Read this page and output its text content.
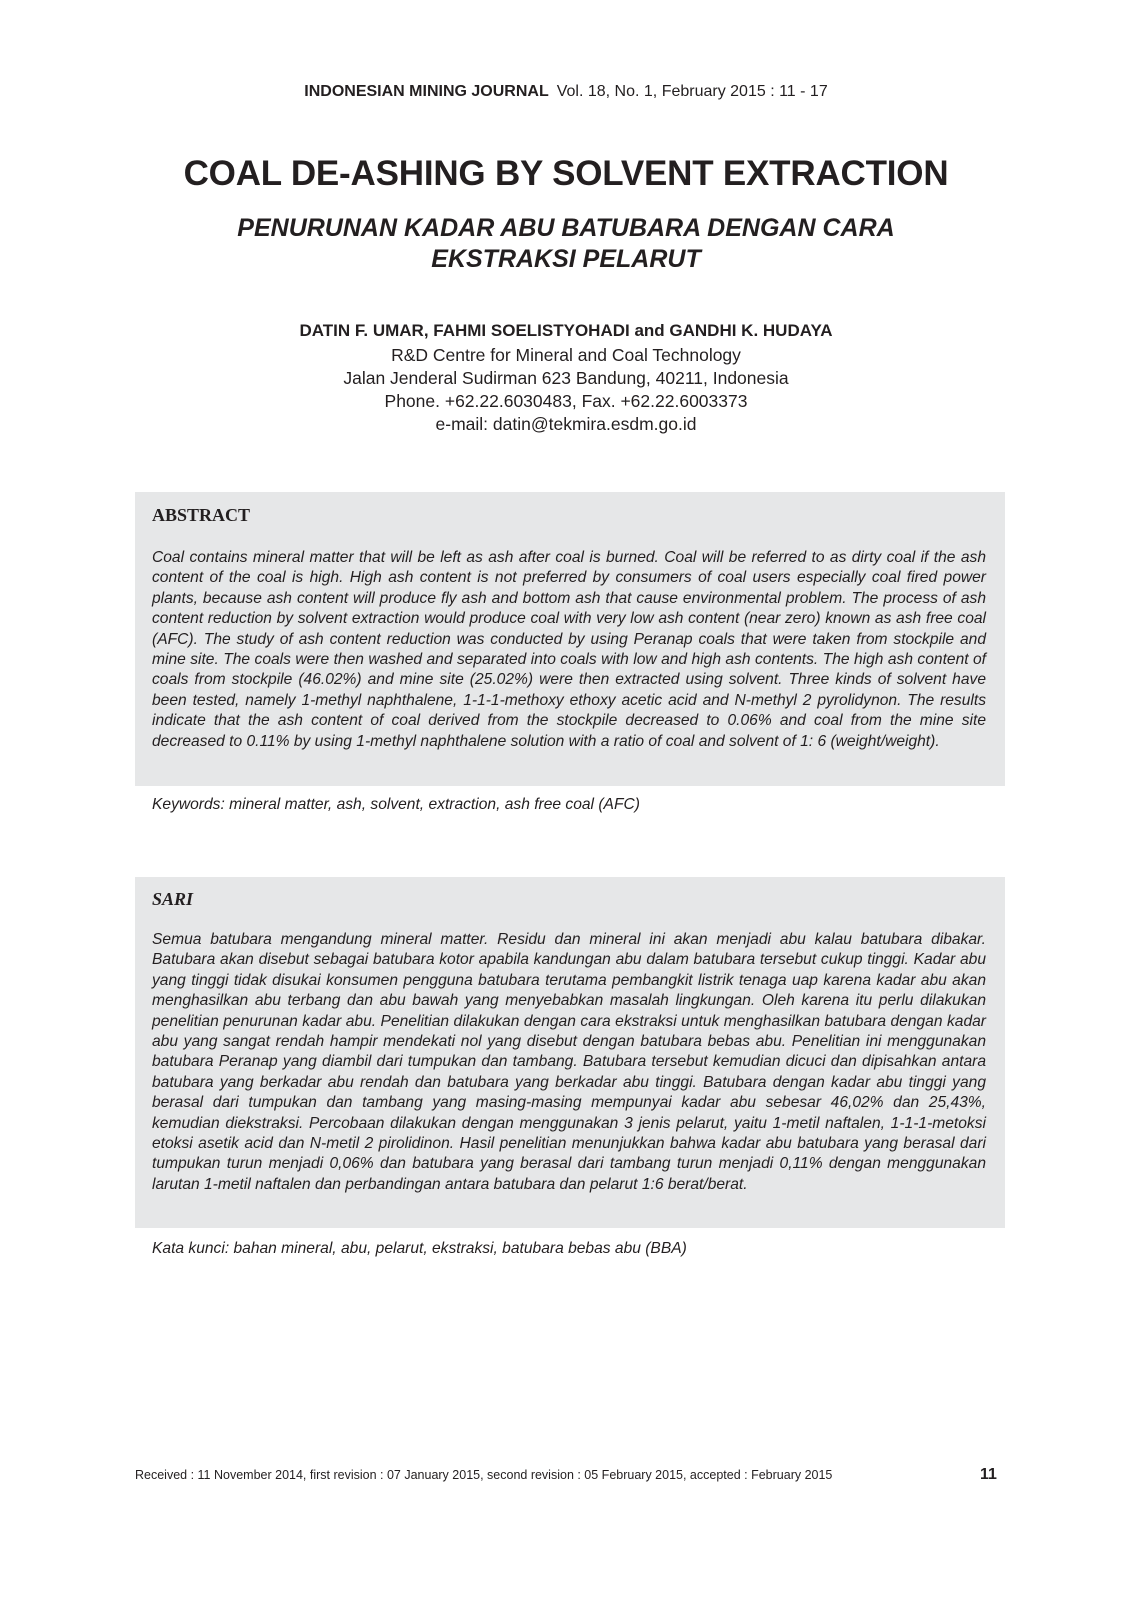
INDONESIAN MINING JOURNAL Vol. 18, No. 1, February 2015 : 11 - 17
COAL DE-ASHING BY SOLVENT EXTRACTION
PENURUNAN KADAR ABU BATUBARA DENGAN CARA
EKSTRAKSI PELARUT
DATIN F. UMAR, FAHMI SOELISTYOHADI and GANDHI K. HUDAYA
R&D Centre for Mineral and Coal Technology
Jalan Jenderal Sudirman 623 Bandung, 40211, Indonesia
Phone. +62.22.6030483, Fax. +62.22.6003373
e-mail: datin@tekmira.esdm.go.id
ABSTRACT
Coal contains mineral matter that will be left as ash after coal is burned. Coal will be referred to as dirty coal if the ash content of the coal is high. High ash content is not preferred by consumers of coal users especially coal fired power plants, because ash content will produce fly ash and bottom ash that cause environmental problem. The process of ash content reduction by solvent extraction would produce coal with very low ash content (near zero) known as ash free coal (AFC). The study of ash content reduction was conducted by using Peranap coals that were taken from stockpile and mine site. The coals were then washed and separated into coals with low and high ash contents. The high ash content of coals from stockpile (46.02%) and mine site (25.02%) were then extracted using solvent. Three kinds of solvent have been tested, namely 1-methyl naphthalene, 1-1-1-methoxy ethoxy acetic acid and N-methyl 2 pyrolidynon. The results indicate that the ash content of coal derived from the stockpile decreased to 0.06% and coal from the mine site decreased to 0.11% by using 1-methyl naphthalene solution with a ratio of coal and solvent of 1: 6 (weight/weight).
Keywords: mineral matter, ash, solvent, extraction, ash free coal (AFC)
SARI
Semua batubara mengandung mineral matter. Residu dan mineral ini akan menjadi abu kalau batubara dibakar. Batubara akan disebut sebagai batubara kotor apabila kandungan abu dalam batubara tersebut cukup tinggi. Kadar abu yang tinggi tidak disukai konsumen pengguna batubara terutama pembangkit listrik tenaga uap karena kadar abu akan menghasilkan abu terbang dan abu bawah yang menyebabkan masalah lingkungan. Oleh karena itu perlu dilakukan penelitian penurunan kadar abu. Penelitian dilakukan dengan cara ekstraksi untuk menghasilkan batubara dengan kadar abu yang sangat rendah hampir mendekati nol yang disebut dengan batubara bebas abu. Penelitian ini menggunakan batubara Peranap yang diambil dari tumpukan dan tambang. Batubara tersebut kemudian dicuci dan dipisahkan antara batubara yang berkadar abu rendah dan batubara yang berkadar abu tinggi. Batubara dengan kadar abu tinggi yang berasal dari tumpukan dan tambang yang masing-masing mempunyai kadar abu sebesar 46,02% dan 25,43%, kemudian diekstraksi. Percobaan dilakukan dengan menggunakan 3 jenis pelarut, yaitu 1-metil naftalen, 1-1-1-metoksi etoksi asetik acid dan N-metil 2 pirolidinon. Hasil penelitian menunjukkan bahwa kadar abu batubara yang berasal dari tumpukan turun menjadi 0,06% dan batubara yang berasal dari tambang turun menjadi 0,11% dengan menggunakan larutan 1-metil naftalen dan perbandingan antara batubara dan pelarut 1:6 berat/berat.
Kata kunci: bahan mineral, abu, pelarut, ekstraksi, batubara bebas abu (BBA)
Received : 11 November 2014, first revision : 07 January 2015, second revision : 05 February 2015, accepted : February 2015	11
